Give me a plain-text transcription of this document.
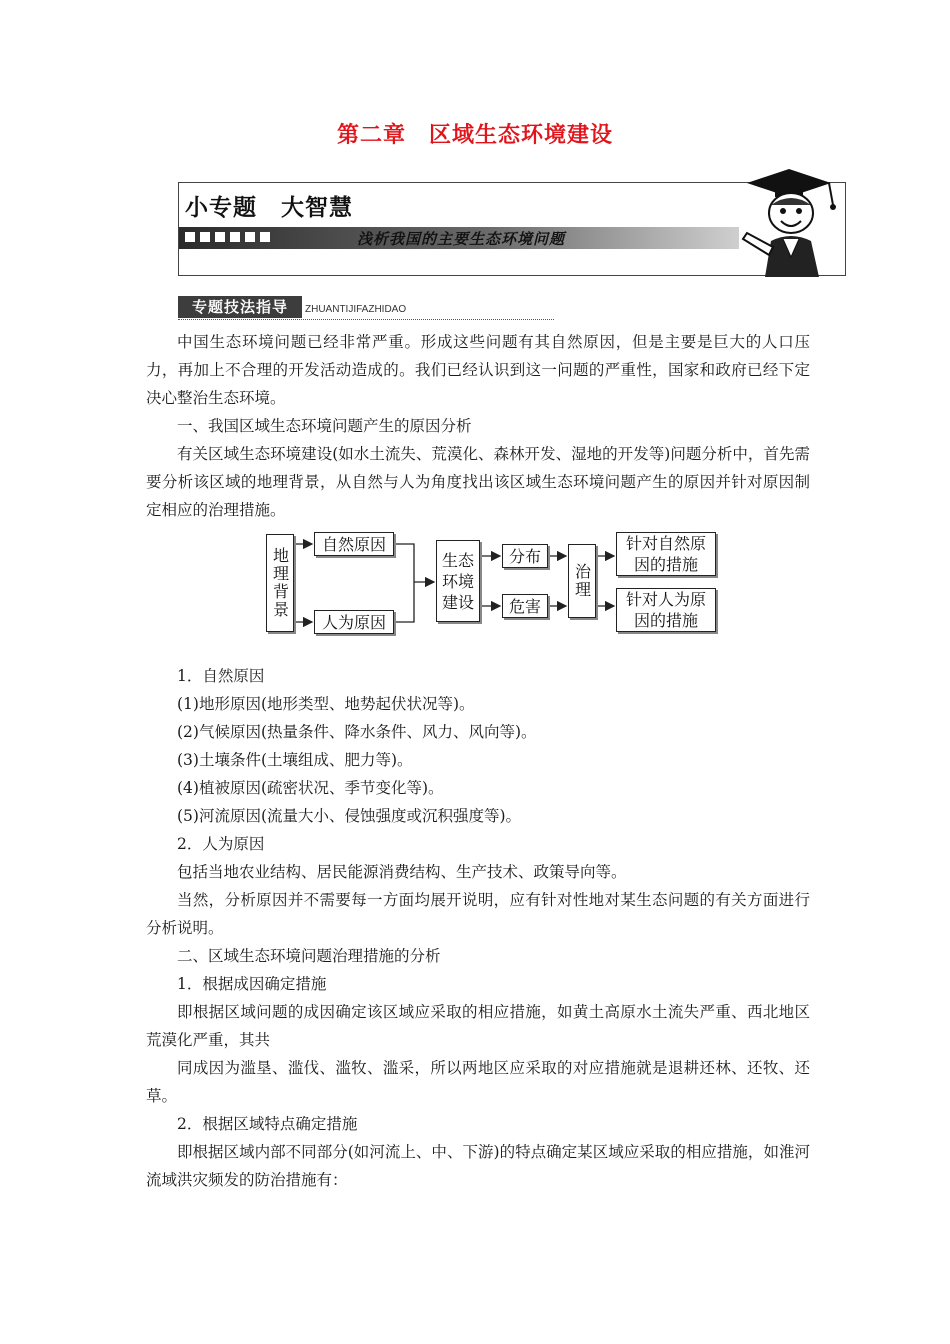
第二章　区域生态环境建设
小专题　大智慧
浅析我国的主要生态环境问题
专题技法指导	ZHUANTIJIFAZHIDAO

中国生态环境问题已经非常严重。形成这些问题有其自然原因，但是主要是巨大的人口压力，再加上不合理的开发活动造成的。我们已经认识到这一问题的严重性，国家和政府已经下定决心整治生态环境。

一、我国区域生态环境问题产生的原因分析

有关区域生态环境建设(如水土流失、荒漠化、森林开发、湿地的开发等)问题分析中，首先需要分析该区域的地理背景，从自然与人为角度找出该区域生态环境问题产生的原因并针对原因制定相应的治理措施。

地理背景
自然原因
人为原因
生态环境建设
分布
危害
治理
针对自然原因的措施
针对人为原因的措施

1．自然原因

(1)地形原因(地形类型、地势起伏状况等)。

(2)气候原因(热量条件、降水条件、风力、风向等)。

(3)土壤条件(土壤组成、肥力等)。

(4)植被原因(疏密状况、季节变化等)。

(5)河流原因(流量大小、侵蚀强度或沉积强度等)。

2．人为原因

包括当地农业结构、居民能源消费结构、生产技术、政策导向等。

当然，分析原因并不需要每一方面均展开说明，应有针对性地对某生态问题的有关方面进行分析说明。

二、区域生态环境问题治理措施的分析

1．根据成因确定措施

即根据区域问题的成因确定该区域应采取的相应措施，如黄土高原水土流失严重、西北地区荒漠化严重，其共

同成因为滥垦、滥伐、滥牧、滥采，所以两地区应采取的对应措施就是退耕还林、还牧、还草。

2．根据区域特点确定措施

即根据区域内部不同部分(如河流上、中、下游)的特点确定某区域应采取的相应措施，如淮河流域洪灾频发的防治措施有：
